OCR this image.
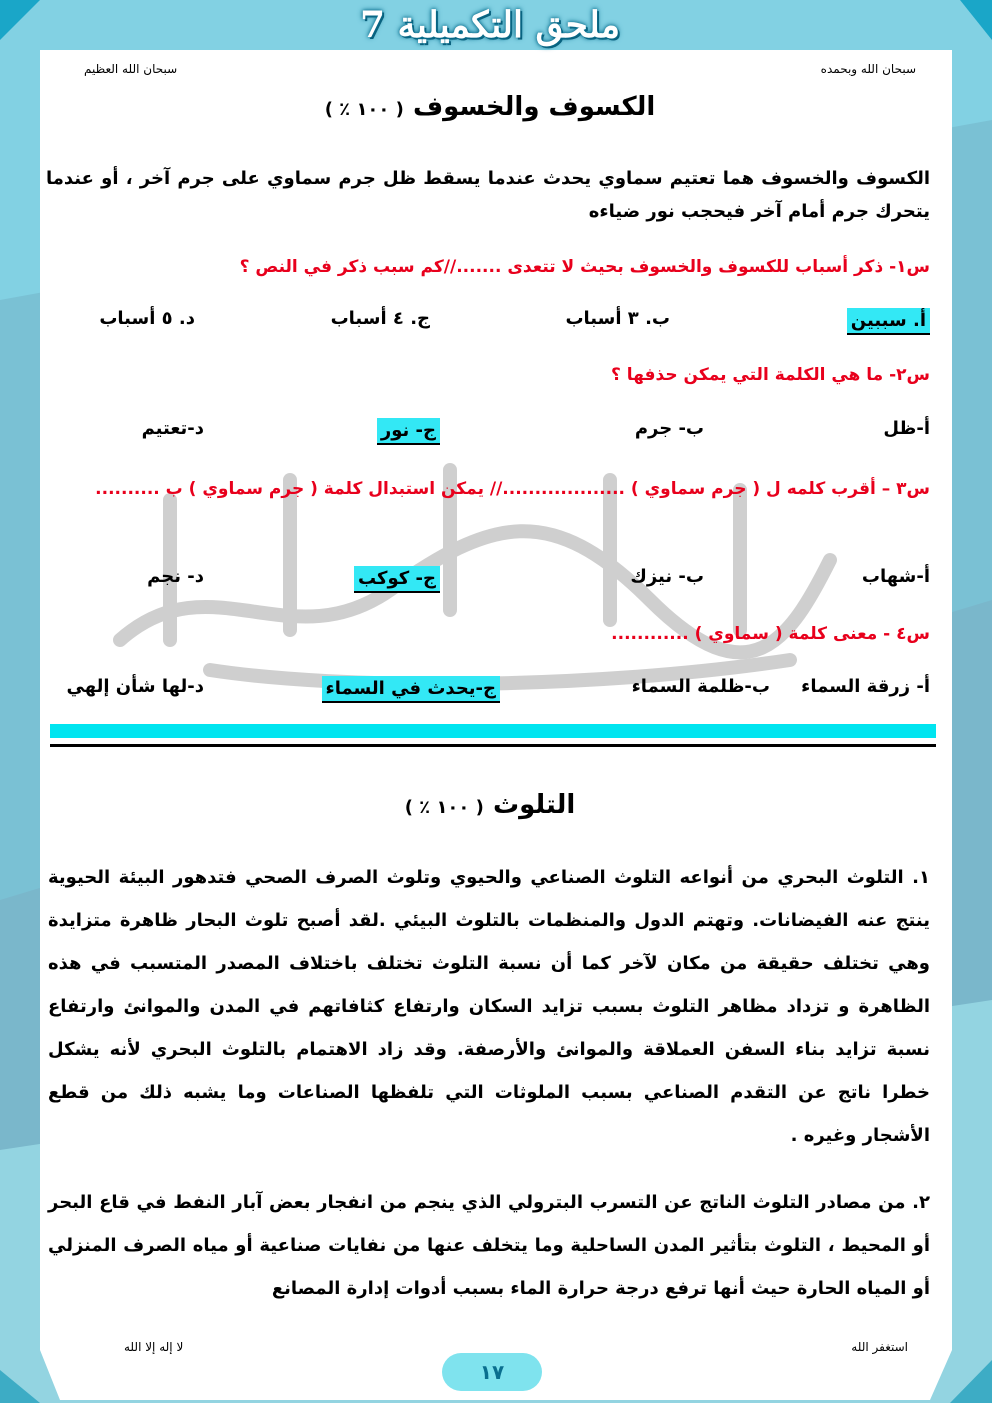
ملحق التكميلية 7
سبحان الله وبحمده
سبحان الله العظيم
الكسوف والخسوف ( ١٠٠ ٪ )
الكسوف والخسوف هما تعتيم سماوي يحدث عندما يسقط ظل جرم سماوي على جرم آخر ، أو عندما يتحرك جرم أمام آخر فيحجب نور ضياءه
س١- ذكر أسباب للكسوف والخسوف بحيث لا تتعدى .......//كم سبب ذكر في النص ؟
أ. سببين
ب. ٣ أسباب
ج. ٤ أسباب
د. ٥ أسباب
س٢- ما هي الكلمة التي يمكن حذفها ؟
أ-ظل
ب- جرم
ج- نور
د-تعتيم
س٣ – أقرب كلمه ل ( جرم سماوي ) ...................// يمكن استبدال كلمة ( جرم سماوي ) ب ..........
أ-شهاب
ب- نيزك
ج- كوكب
د- نجم
س٤ - معنى كلمة ( سماوي ) ............
أ- زرقة السماء
ب-ظلمة السماء
ج-يحدث في السماء
د-لها شأن إلهي
التلوث ( ١٠٠ ٪ )
١. التلوث البحري من أنواعه التلوث الصناعي والحيوي وتلوث الصرف الصحي فتدهور البيئة الحيوية ينتج عنه الفيضانات. وتهتم الدول والمنظمات بالتلوث البيئي .لقد أصبح تلوث البحار ظاهرة متزايدة وهي تختلف حقيقة من مكان لآخر كما أن نسبة التلوث تختلف باختلاف المصدر المتسبب في هذه الظاهرة و تزداد مظاهر التلوث بسبب تزايد السكان وارتفاع كثافاتهم في المدن والموانئ وارتفاع نسبة تزايد بناء السفن العملاقة والموانئ والأرصفة. وقد زاد الاهتمام بالتلوث البحري لأنه يشكل خطرا ناتج عن التقدم الصناعي بسبب الملوثات التي تلفظها الصناعات وما يشبه ذلك من قطع الأشجار وغيره .
٢. من مصادر التلوث الناتج عن التسرب البترولي الذي ينجم من انفجار بعض آبار النفط في قاع البحر أو المحيط ، التلوث بتأثير المدن الساحلية وما يتخلف عنها من نفايات صناعية أو مياه الصرف المنزلي أو المياه الحارة حيث أنها ترفع درجة حرارة الماء بسبب أدوات إدارة المصانع
استغفر الله
لا إله إلا الله
١٧
